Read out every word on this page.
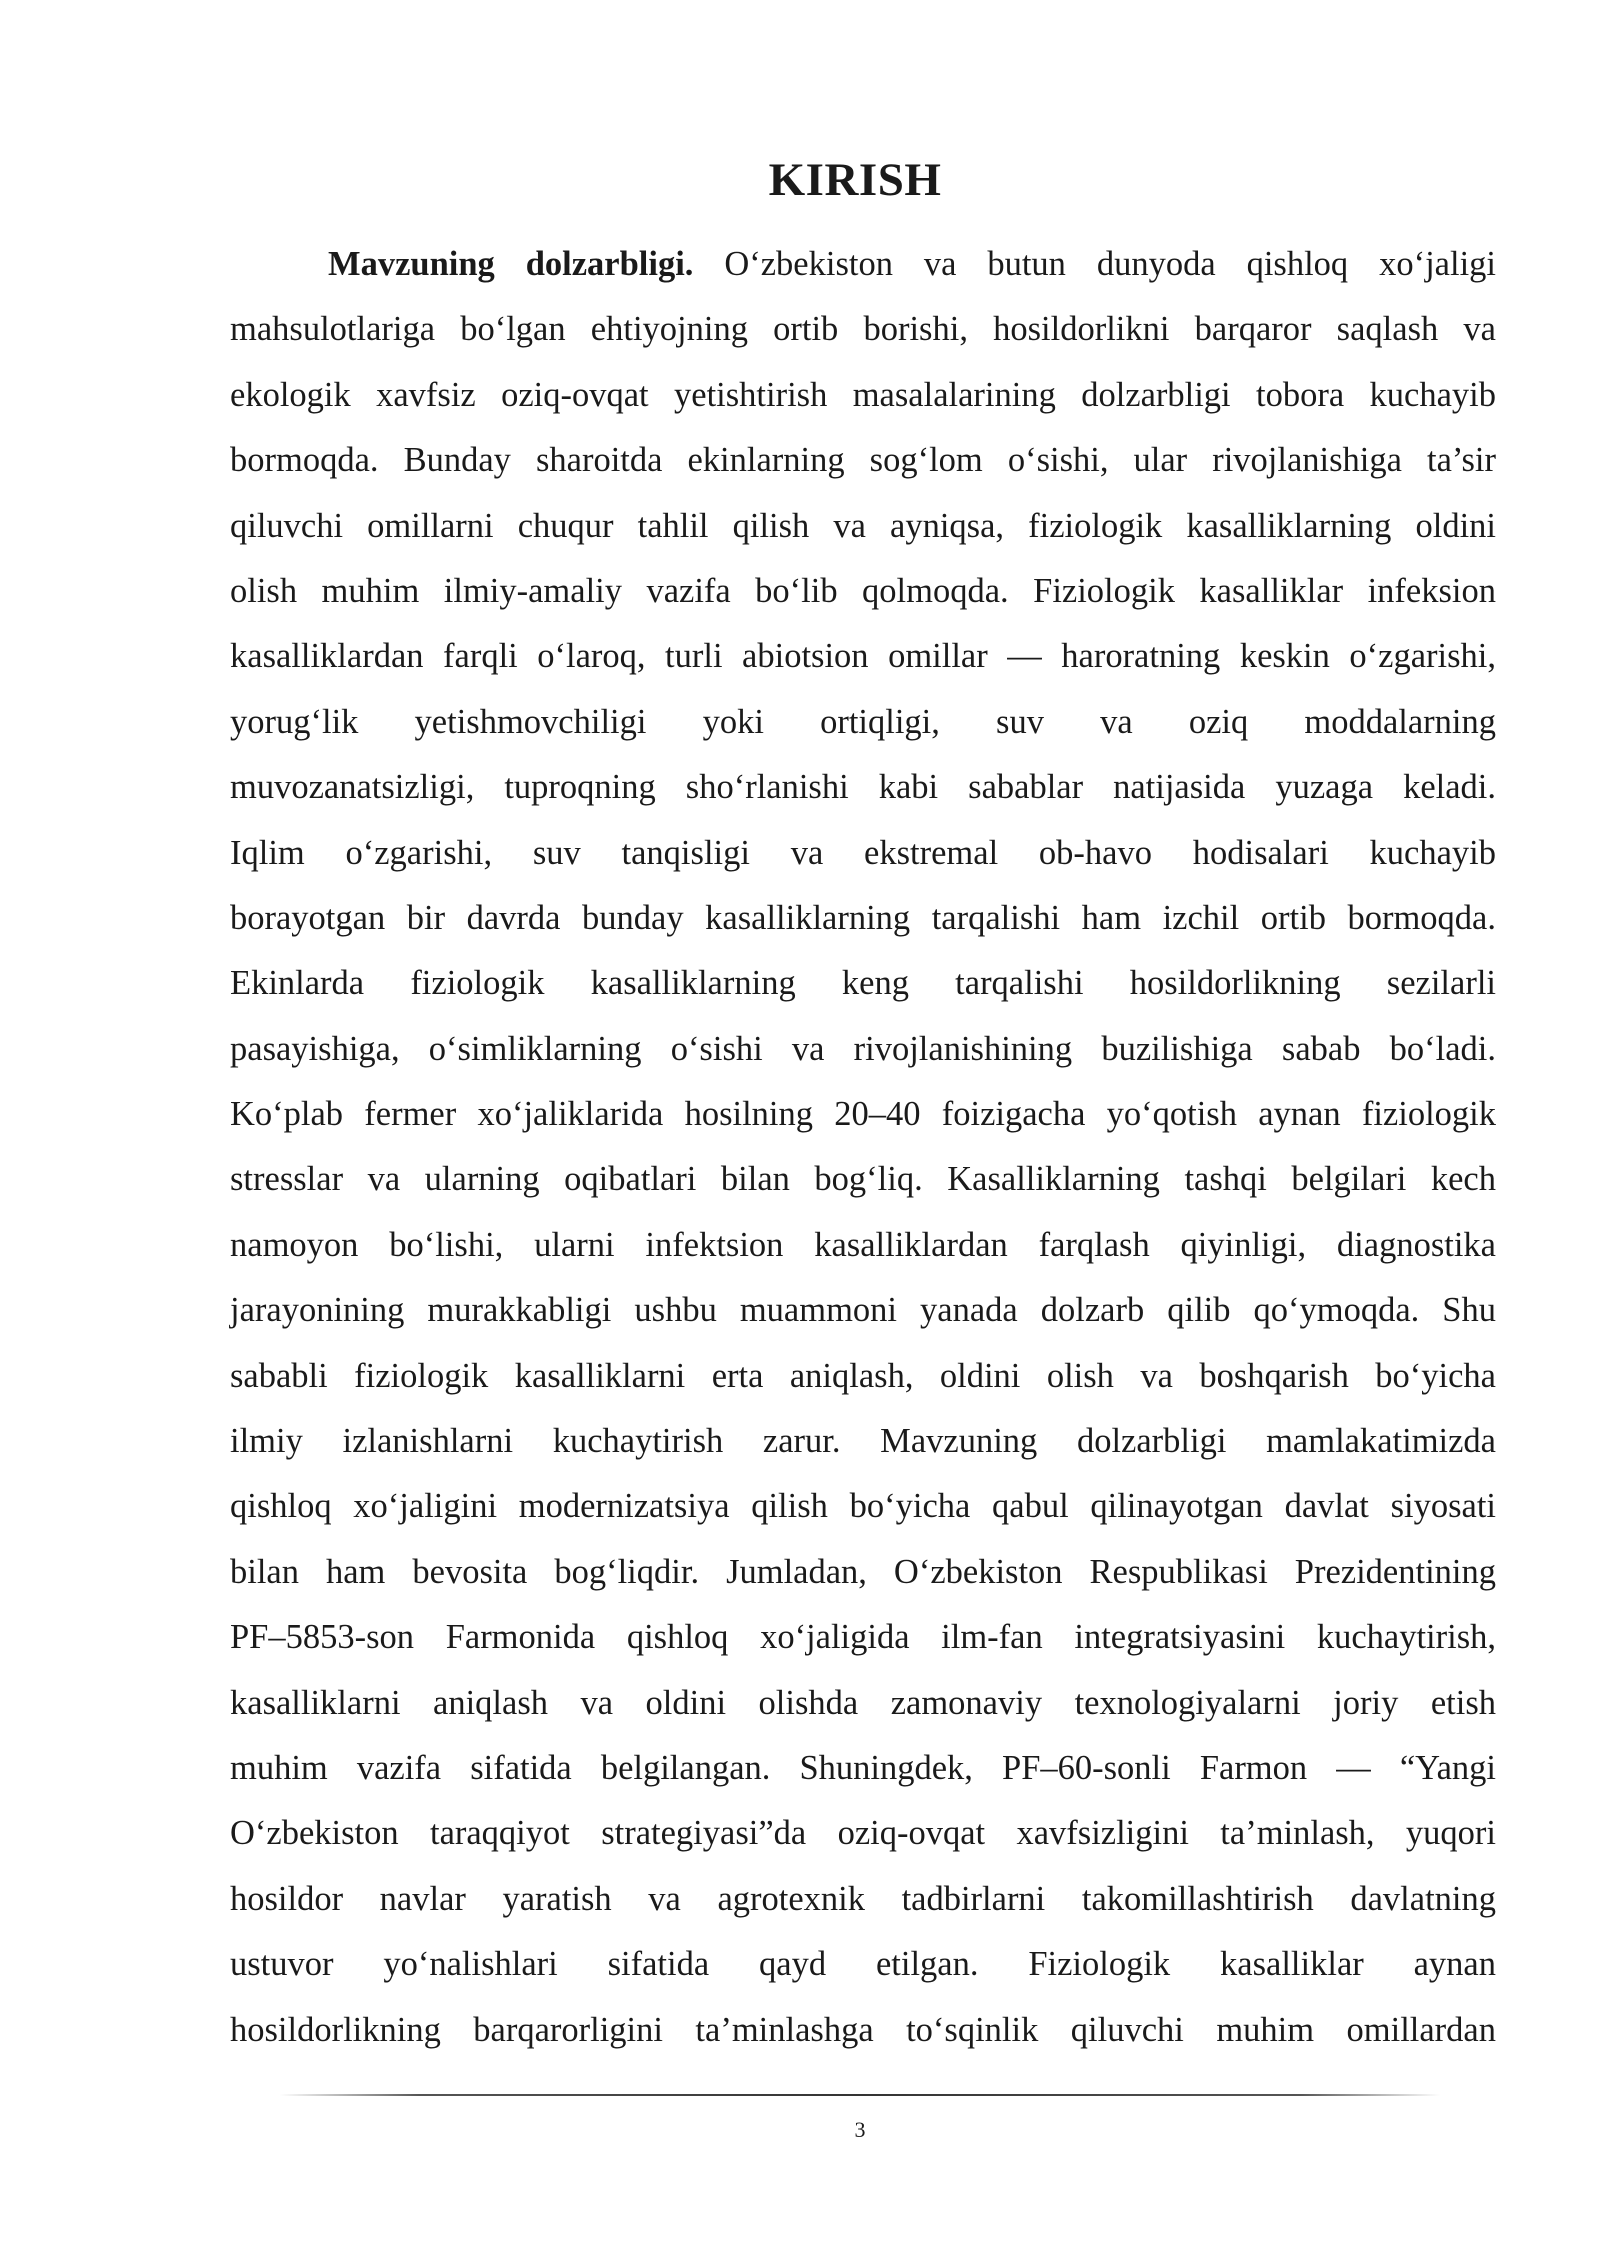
KIRISH
Mavzuning dolzarbligi. O‘zbekiston va butun dunyoda qishloq xo‘jaligi
mahsulotlariga bo‘lgan ehtiyojning ortib borishi, hosildorlikni barqaror saqlash va
ekologik xavfsiz oziq-ovqat yetishtirish masalalarining dolzarbligi tobora kuchayib
bormoqda. Bunday sharoitda ekinlarning sog‘lom o‘sishi, ular rivojlanishiga ta’sir
qiluvchi omillarni chuqur tahlil qilish va ayniqsa, fiziologik kasalliklarning oldini
olish muhim ilmiy-amaliy vazifa bo‘lib qolmoqda. Fiziologik kasalliklar infeksion
kasalliklardan farqli o‘laroq, turli abiotsion omillar — haroratning keskin o‘zgarishi,
yorug‘lik yetishmovchiligi yoki ortiqligi, suv va oziq moddalarning
muvozanatsizligi, tuproqning sho‘rlanishi kabi sabablar natijasida yuzaga keladi.
Iqlim o‘zgarishi, suv tanqisligi va ekstremal ob-havo hodisalari kuchayib
borayotgan bir davrda bunday kasalliklarning tarqalishi ham izchil ortib bormoqda.
Ekinlarda fiziologik kasalliklarning keng tarqalishi hosildorlikning sezilarli
pasayishiga, o‘simliklarning o‘sishi va rivojlanishining buzilishiga sabab bo‘ladi.
Ko‘plab fermer xo‘jaliklarida hosilning 20–40 foizigacha yo‘qotish aynan fiziologik
stresslar va ularning oqibatlari bilan bog‘liq. Kasalliklarning tashqi belgilari kech
namoyon bo‘lishi, ularni infektsion kasalliklardan farqlash qiyinligi, diagnostika
jarayonining murakkabligi ushbu muammoni yanada dolzarb qilib qo‘ymoqda. Shu
sababli fiziologik kasalliklarni erta aniqlash, oldini olish va boshqarish bo‘yicha
ilmiy izlanishlarni kuchaytirish zarur. Mavzuning dolzarbligi mamlakatimizda
qishloq xo‘jaligini modernizatsiya qilish bo‘yicha qabul qilinayotgan davlat siyosati
bilan ham bevosita bog‘liqdir. Jumladan, O‘zbekiston Respublikasi Prezidentining
PF–5853-son Farmonida qishloq xo‘jaligida ilm-fan integratsiyasini kuchaytirish,
kasalliklarni aniqlash va oldini olishda zamonaviy texnologiyalarni joriy etish
muhim vazifa sifatida belgilangan. Shuningdek, PF–60-sonli Farmon — “Yangi
O‘zbekiston taraqqiyot strategiyasi”da oziq-ovqat xavfsizligini ta’minlash, yuqori
hosildor navlar yaratish va agrotexnik tadbirlarni takomillashtirish davlatning
ustuvor yo‘nalishlari sifatida qayd etilgan. Fiziologik kasalliklar aynan
hosildorlikning barqarorligini ta’minlashga to‘sqinlik qiluvchi muhim omillardan
3
